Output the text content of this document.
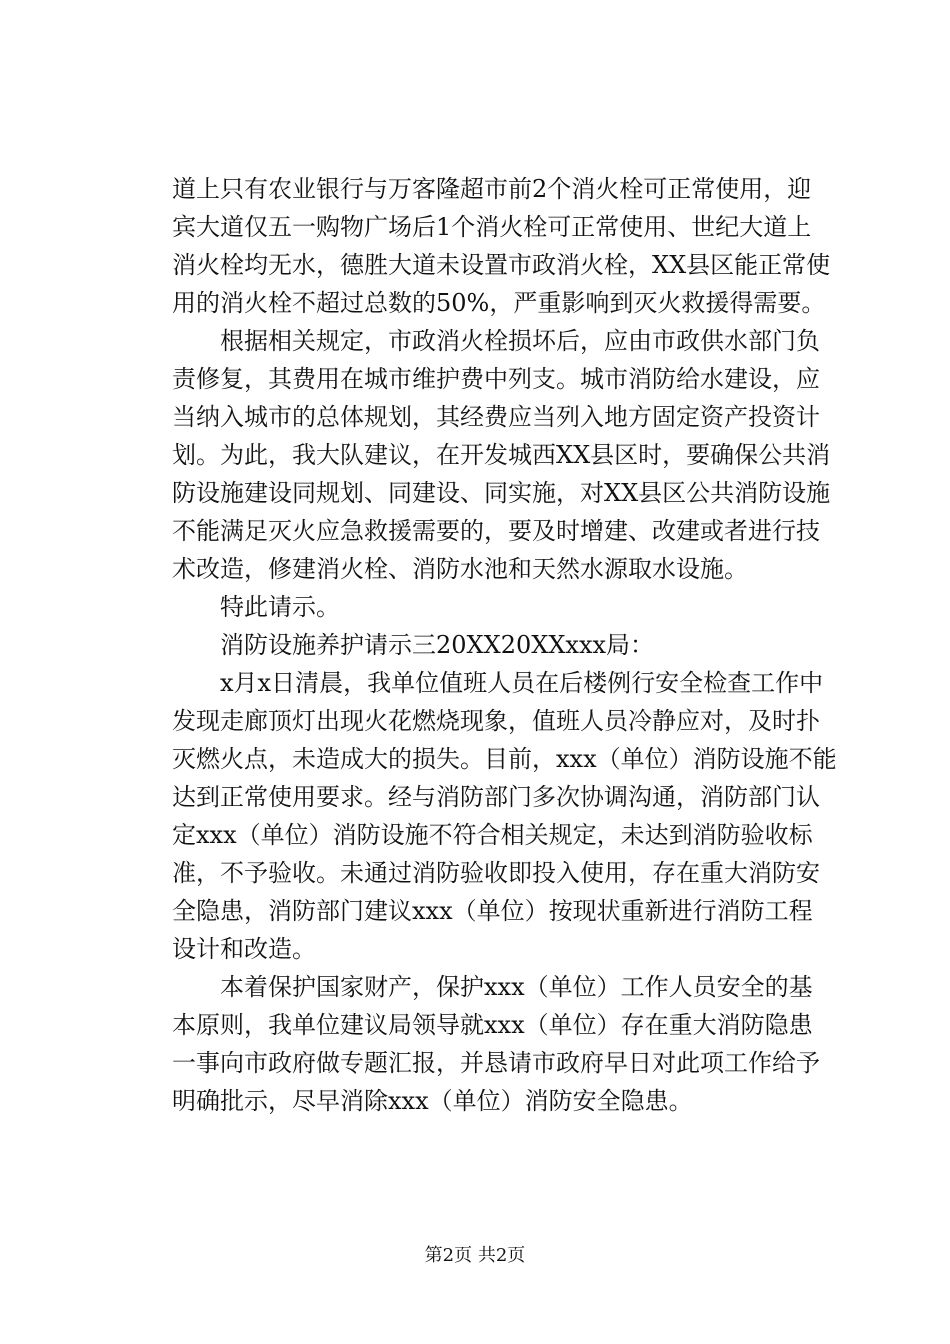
道上只有农业银行与万客隆超市前2个消火栓可正常使用，迎
宾大道仅五一购物广场后1个消火栓可正常使用、世纪大道上
消火栓均无水，德胜大道未设置市政消火栓，XX县区能正常使
用的消火栓不超过总数的50%，严重影响到灭火救援得需要。
　　根据相关规定，市政消火栓损坏后，应由市政供水部门负
责修复，其费用在城市维护费中列支。城市消防给水建设，应
当纳入城市的总体规划，其经费应当列入地方固定资产投资计
划。为此，我大队建议，在开发城西XX县区时，要确保公共消
防设施建设同规划、同建设、同实施，对XX县区公共消防设施
不能满足灭火应急救援需要的，要及时增建、改建或者进行技
术改造，修建消火栓、消防水池和天然水源取水设施。
　　特此请示。
　　消防设施养护请示三20XX20XXxxx局：
　　x月x日清晨，我单位值班人员在后楼例行安全检查工作中
发现走廊顶灯出现火花燃烧现象，值班人员冷静应对，及时扑
灭燃火点，未造成大的损失。目前，xxx（单位）消防设施不能
达到正常使用要求。经与消防部门多次协调沟通，消防部门认
定xxx（单位）消防设施不符合相关规定，未达到消防验收标
准，不予验收。未通过消防验收即投入使用，存在重大消防安
全隐患，消防部门建议xxx（单位）按现状重新进行消防工程
设计和改造。
　　本着保护国家财产，保护xxx（单位）工作人员安全的基
本原则，我单位建议局领导就xxx（单位）存在重大消防隐患
一事向市政府做专题汇报，并恳请市政府早日对此项工作给予
明确批示，尽早消除xxx（单位）消防安全隐患。
第2页 共2页
